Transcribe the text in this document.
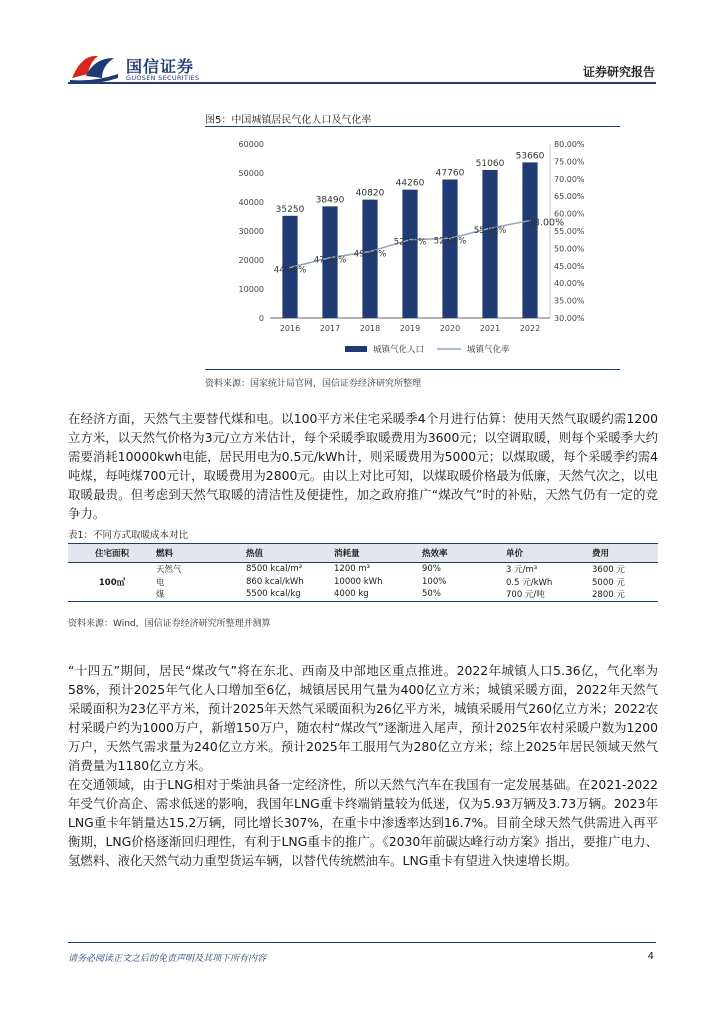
国信证券
GUOSEN SECURITIES	证券研究报告
图5：中国城镇居民气化人口及气化率
0
10000
20000
30000
40000
50000
60000
30.00%
35.00%
40.00%
45.00%
50.00%
55.00%
60.00%
65.00%
70.00%
75.00%
80.00%
35250
2016
38490
2017
40820
2018
44260
2019
47760
2020
51060
2021
53660
2022
44.50%
47.34%
49.10%
52.50% 52.90%
55.80%
58.00%
城镇气化人口	城镇气化率
资料来源：国家统计局官网，国信证券经济研究所整理
在经济方面，天然气主要替代煤和电。以100平方米住宅采暖季4个月进行估算：使用天然气取暖约需1200立方米，以天然气价格为3元/立方米估计，每个采暖季取暖费用为3600元；以空调取暖，则每个采暖季大约需要消耗10000kwh电能，居民用电为0.5元/kWh计，则采暖费用为5000元；以煤取暖，每个采暖季约需4吨煤，每吨煤700元计，取暖费用为2800元。由以上对比可知，以煤取暖价格最为低廉，天然气次之，以电取暖最贵。但考虑到天然气取暖的清洁性及便捷性，加之政府推广“煤改气”时的补贴，天然气仍有一定的竞争力。
表1：不同方式取暖成本对比
住宅面积	燃料	热值	消耗量	热效率	单价	费用
100㎡	天然气	8500 kcal/m³	1200 m³	90%	3 元/m³	3600 元
	电	860 kcal/kWh	10000 kWh	100%	0.5 元/kWh	5000 元
	煤	5500 kcal/kg	4000 kg	50%	700 元/吨	2800 元
资料来源：Wind，国信证券经济研究所整理并测算
“十四五”期间，居民“煤改气”将在东北、西南及中部地区重点推进。2022年城镇人口5.36亿，气化率为58%，预计2025年气化人口增加至6亿，城镇居民用气量为400亿立方米；城镇采暖方面，2022年天然气采暖面积为23亿平方米，预计2025年天然气采暖面积为26亿平方米，城镇采暖用气260亿立方米；2022农村采暖户约为1000万户，新增150万户，随农村“煤改气”逐渐进入尾声，预计2025年农村采暖户数为1200万户，天然气需求量为240亿立方米。预计2025年工服用气为280亿立方米；综上2025年居民领域天然气消费量为1180亿立方米。
在交通领域，由于LNG相对于柴油具备一定经济性，所以天然气汽车在我国有一定发展基础。在2021-2022年受气价高企、需求低迷的影响，我国年LNG重卡终端销量较为低迷，仅为5.93万辆及3.73万辆。2023年LNG重卡年销量达15.2万辆，同比增长307%，在重卡中渗透率达到16.7%。目前全球天然气供需进入再平衡期，LNG价格逐渐回归理性，有利于LNG重卡的推广。《2030年前碳达峰行动方案》指出，要推广电力、氢燃料、液化天然气动力重型货运车辆，以替代传统燃油车。LNG重卡有望进入快速增长期。
请务必阅读正文之后的免责声明及其项下所有内容	4
